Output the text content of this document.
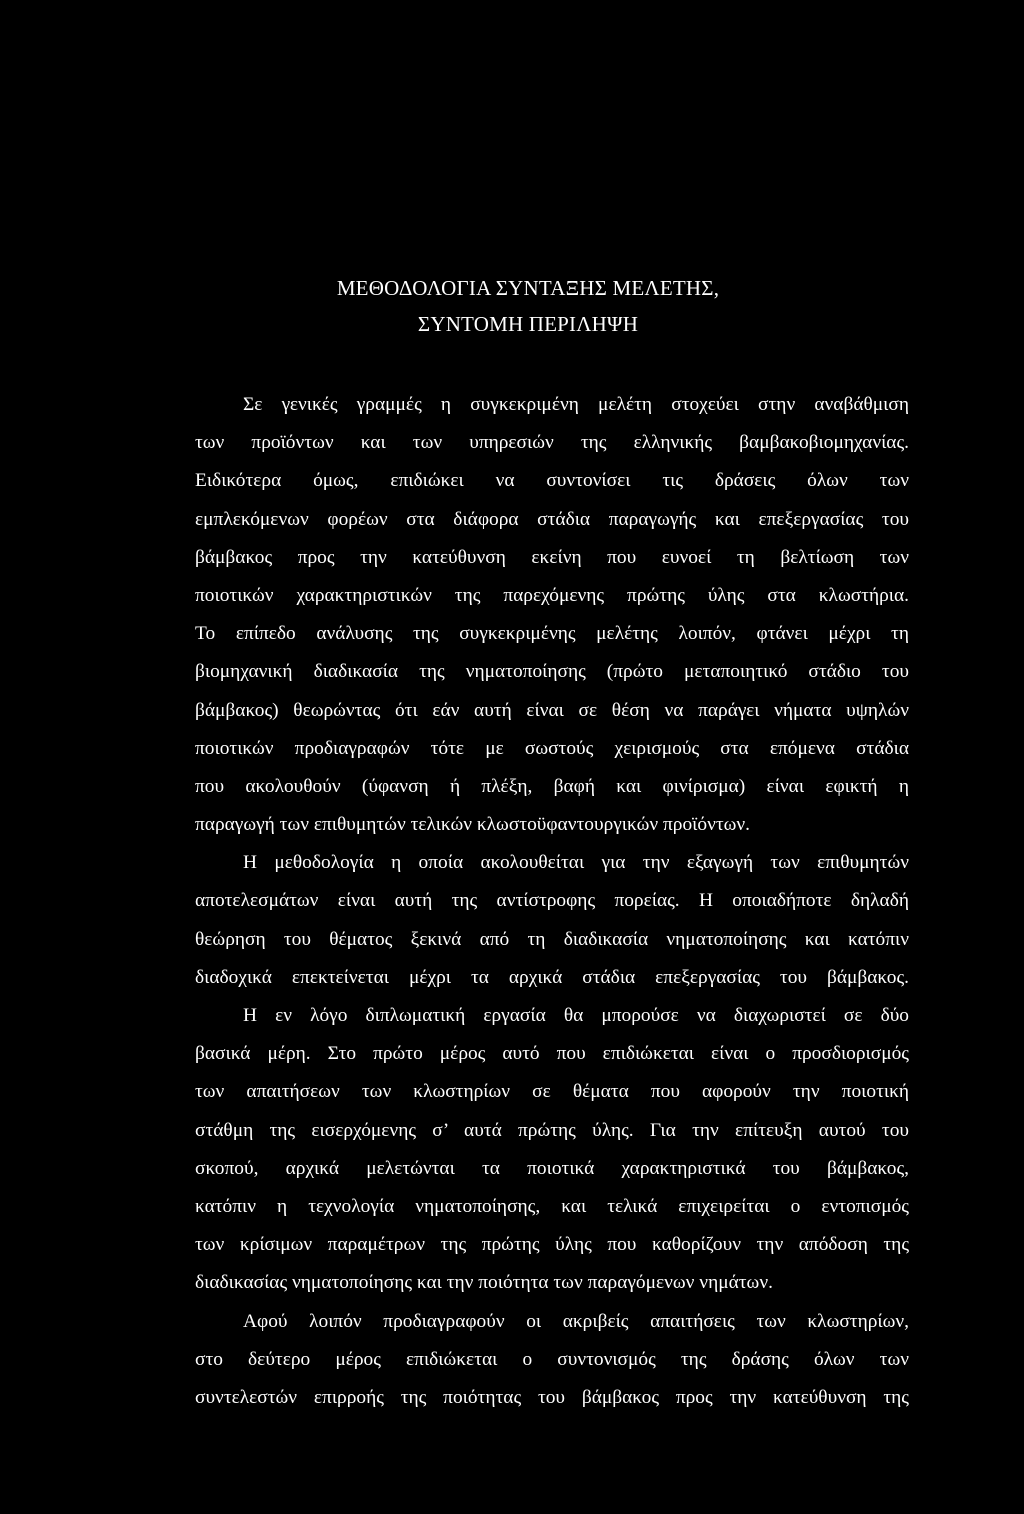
ΜΕΘΟΔΟΛΟΓΙΑ ΣΥΝΤΑΞΗΣ ΜΕΛΕΤΗΣ,
ΣΥΝΤΟΜΗ ΠΕΡΙΛΗΨΗ
Σε γενικές γραμμές η συγκεκριμένη μελέτη στοχεύει στην αναβάθμιση
των προϊόντων και των υπηρεσιών της ελληνικής βαμβακοβιομηχανίας.
Ειδικότερα όμως, επιδιώκει να συντονίσει τις δράσεις όλων των
εμπλεκόμενων φορέων στα διάφορα στάδια παραγωγής και επεξεργασίας του
βάμβακος προς την κατεύθυνση εκείνη που ευνοεί τη βελτίωση των
ποιοτικών χαρακτηριστικών της παρεχόμενης πρώτης ύλης στα κλωστήρια.
Το επίπεδο ανάλυσης της συγκεκριμένης μελέτης λοιπόν, φτάνει μέχρι τη
βιομηχανική διαδικασία της νηματοποίησης (πρώτο μεταποιητικό στάδιο του
βάμβακος) θεωρώντας ότι εάν αυτή είναι σε θέση να παράγει νήματα υψηλών
ποιοτικών προδιαγραφών τότε με σωστούς χειρισμούς στα επόμενα στάδια
που ακολουθούν (ύφανση ή πλέξη, βαφή και φινίρισμα) είναι εφικτή η
παραγωγή των επιθυμητών τελικών κλωστοϋφαντουργικών προϊόντων.
Η μεθοδολογία η οποία ακολουθείται για την εξαγωγή των επιθυμητών
αποτελεσμάτων είναι αυτή της αντίστροφης πορείας. Η οποιαδήποτε δηλαδή
θεώρηση του θέματος ξεκινά από τη διαδικασία νηματοποίησης και κατόπιν
διαδοχικά επεκτείνεται μέχρι τα αρχικά στάδια επεξεργασίας του βάμβακος.
Η εν λόγο διπλωματική εργασία θα μπορούσε να διαχωριστεί σε δύο
βασικά μέρη. Στο πρώτο μέρος αυτό που επιδιώκεται είναι ο προσδιορισμός
των απαιτήσεων των κλωστηρίων σε θέματα που αφορούν την ποιοτική
στάθμη της εισερχόμενης σ’ αυτά πρώτης ύλης. Για την επίτευξη αυτού του
σκοπού, αρχικά μελετώνται τα ποιοτικά χαρακτηριστικά του βάμβακος,
κατόπιν η τεχνολογία νηματοποίησης, και τελικά επιχειρείται ο εντοπισμός
των κρίσιμων παραμέτρων της πρώτης ύλης που καθορίζουν την απόδοση της
διαδικασίας νηματοποίησης και την ποιότητα των παραγόμενων νημάτων.
Αφού λοιπόν προδιαγραφούν οι ακριβείς απαιτήσεις των κλωστηρίων,
στο δεύτερο μέρος επιδιώκεται ο συντονισμός της δράσης όλων των
συντελεστών επιρροής της ποιότητας του βάμβακος προς την κατεύθυνση της
